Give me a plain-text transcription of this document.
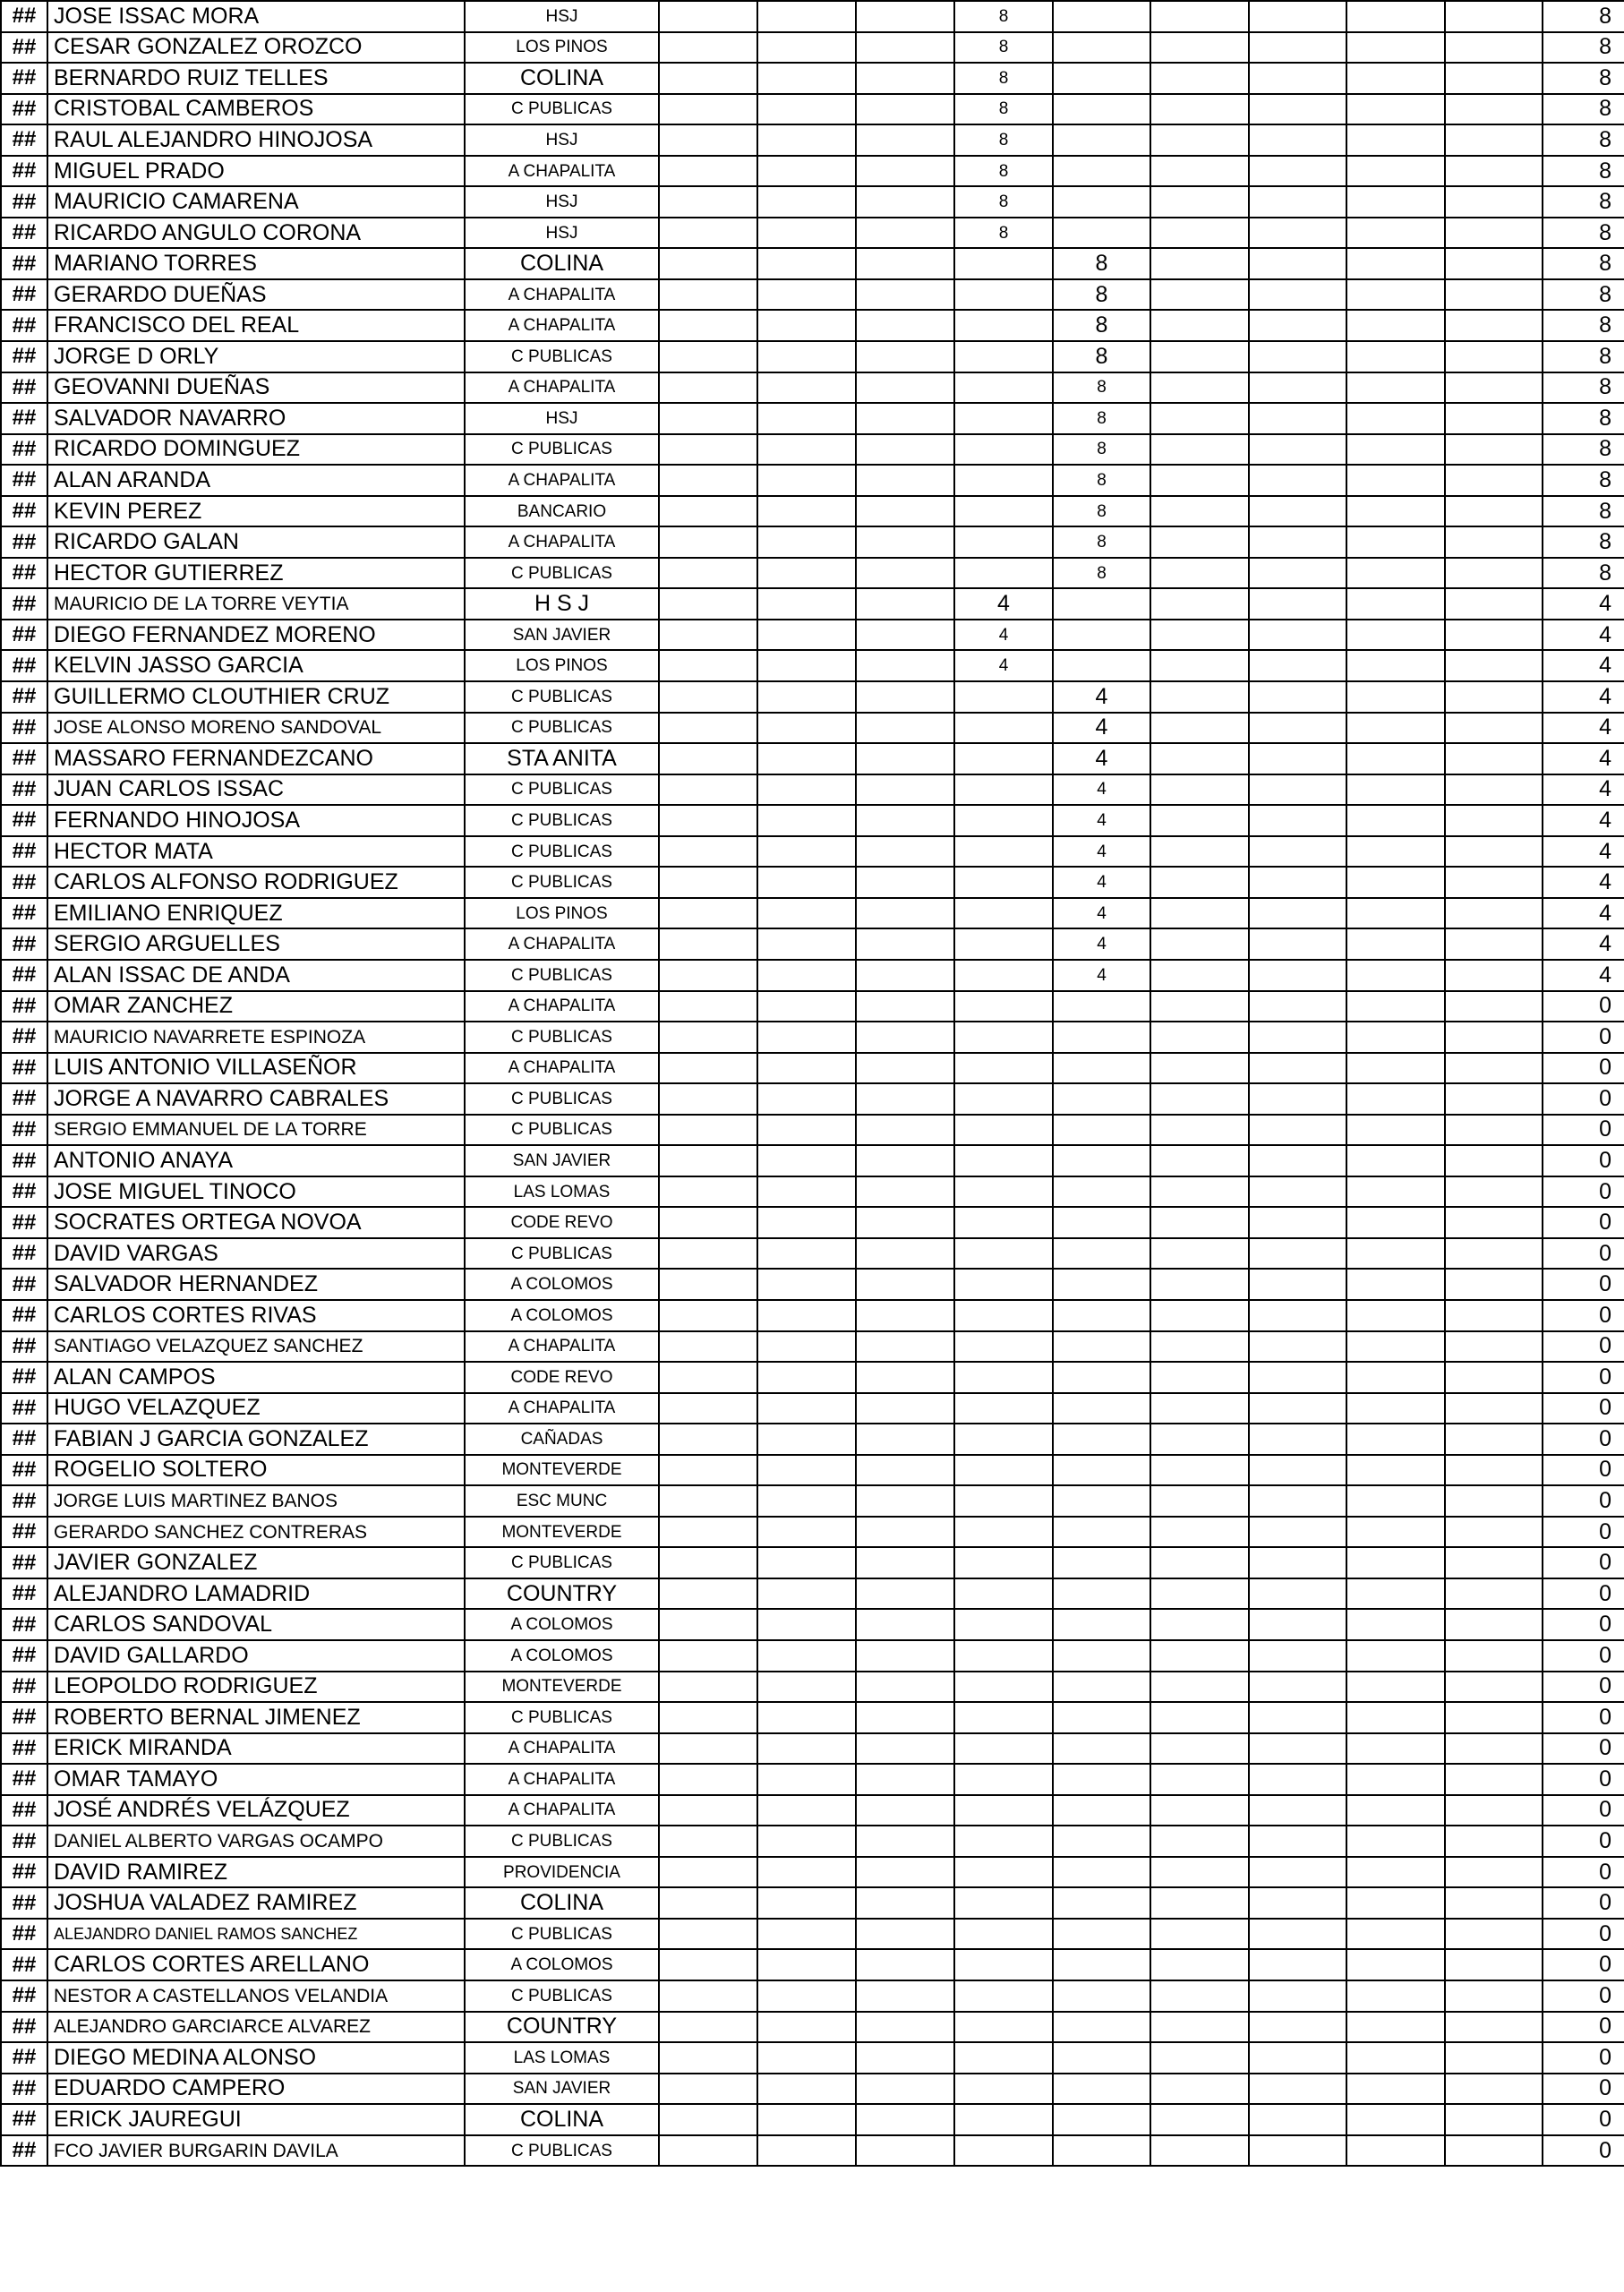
##	JOSE ISSAC MORA	HSJ				8						8
##	CESAR GONZALEZ OROZCO	LOS PINOS				8						8
##	BERNARDO RUIZ TELLES	COLINA				8						8
##	CRISTOBAL CAMBEROS	C PUBLICAS				8						8
##	RAUL ALEJANDRO HINOJOSA	HSJ				8						8
##	MIGUEL PRADO	A CHAPALITA				8						8
##	MAURICIO CAMARENA	HSJ				8						8
##	RICARDO ANGULO CORONA	HSJ				8						8
##	MARIANO TORRES	COLINA					8					8
##	GERARDO DUEÑAS	A CHAPALITA					8					8
##	FRANCISCO DEL REAL	A CHAPALITA					8					8
##	JORGE D ORLY	C PUBLICAS					8					8
##	GEOVANNI DUEÑAS	A CHAPALITA					8					8
##	SALVADOR NAVARRO	HSJ					8					8
##	RICARDO DOMINGUEZ	C PUBLICAS					8					8
##	ALAN ARANDA	A CHAPALITA					8					8
##	KEVIN PEREZ	BANCARIO					8					8
##	RICARDO GALAN	A CHAPALITA					8					8
##	HECTOR GUTIERREZ	C PUBLICAS					8					8
##	MAURICIO DE LA TORRE VEYTIA	H S J				4						4
##	DIEGO FERNANDEZ MORENO	SAN JAVIER				4						4
##	KELVIN JASSO GARCIA	LOS PINOS				4						4
##	GUILLERMO CLOUTHIER CRUZ	C PUBLICAS					4					4
##	JOSE ALONSO MORENO SANDOVAL	C PUBLICAS					4					4
##	MASSARO FERNANDEZCANO	STA ANITA					4					4
##	JUAN CARLOS ISSAC	C PUBLICAS					4					4
##	FERNANDO HINOJOSA	C PUBLICAS					4					4
##	HECTOR MATA	C PUBLICAS					4					4
##	CARLOS ALFONSO RODRIGUEZ	C PUBLICAS					4					4
##	EMILIANO ENRIQUEZ	LOS PINOS					4					4
##	SERGIO ARGUELLES	A CHAPALITA					4					4
##	ALAN ISSAC DE ANDA	C PUBLICAS					4					4
##	OMAR ZANCHEZ	A CHAPALITA										0
##	MAURICIO NAVARRETE ESPINOZA	C PUBLICAS										0
##	LUIS ANTONIO VILLASEÑOR	A CHAPALITA										0
##	JORGE A NAVARRO CABRALES	C PUBLICAS										0
##	SERGIO EMMANUEL DE LA TORRE	C PUBLICAS										0
##	ANTONIO ANAYA	SAN JAVIER										0
##	JOSE MIGUEL TINOCO	LAS LOMAS										0
##	SOCRATES ORTEGA NOVOA	CODE REVO										0
##	DAVID VARGAS	C PUBLICAS										0
##	SALVADOR HERNANDEZ	A COLOMOS										0
##	CARLOS CORTES RIVAS	A COLOMOS										0
##	SANTIAGO VELAZQUEZ SANCHEZ	A CHAPALITA										0
##	ALAN CAMPOS	CODE REVO										0
##	HUGO VELAZQUEZ	A CHAPALITA										0
##	FABIAN J GARCIA GONZALEZ	CAÑADAS										0
##	ROGELIO SOLTERO	MONTEVERDE										0
##	JORGE LUIS MARTINEZ BANOS	ESC MUNC										0
##	GERARDO SANCHEZ CONTRERAS	MONTEVERDE										0
##	JAVIER GONZALEZ	C PUBLICAS										0
##	ALEJANDRO LAMADRID	COUNTRY										0
##	CARLOS SANDOVAL	A COLOMOS										0
##	DAVID GALLARDO	A COLOMOS										0
##	LEOPOLDO RODRIGUEZ	MONTEVERDE										0
##	ROBERTO BERNAL JIMENEZ	C PUBLICAS										0
##	ERICK MIRANDA	A CHAPALITA										0
##	OMAR TAMAYO	A CHAPALITA										0
##	JOSÉ ANDRÉS VELÁZQUEZ	A CHAPALITA										0
##	DANIEL ALBERTO VARGAS OCAMPO	C PUBLICAS										0
##	DAVID RAMIREZ	PROVIDENCIA										0
##	JOSHUA VALADEZ RAMIREZ	COLINA										0
##	ALEJANDRO DANIEL RAMOS SANCHEZ	C PUBLICAS										0
##	CARLOS CORTES ARELLANO	A COLOMOS										0
##	NESTOR A CASTELLANOS VELANDIA	C PUBLICAS										0
##	ALEJANDRO GARCIARCE ALVAREZ	COUNTRY										0
##	DIEGO MEDINA ALONSO	LAS LOMAS										0
##	EDUARDO CAMPERO	SAN JAVIER										0
##	ERICK JAUREGUI	COLINA										0
##	FCO JAVIER BURGARIN DAVILA	C PUBLICAS										0
